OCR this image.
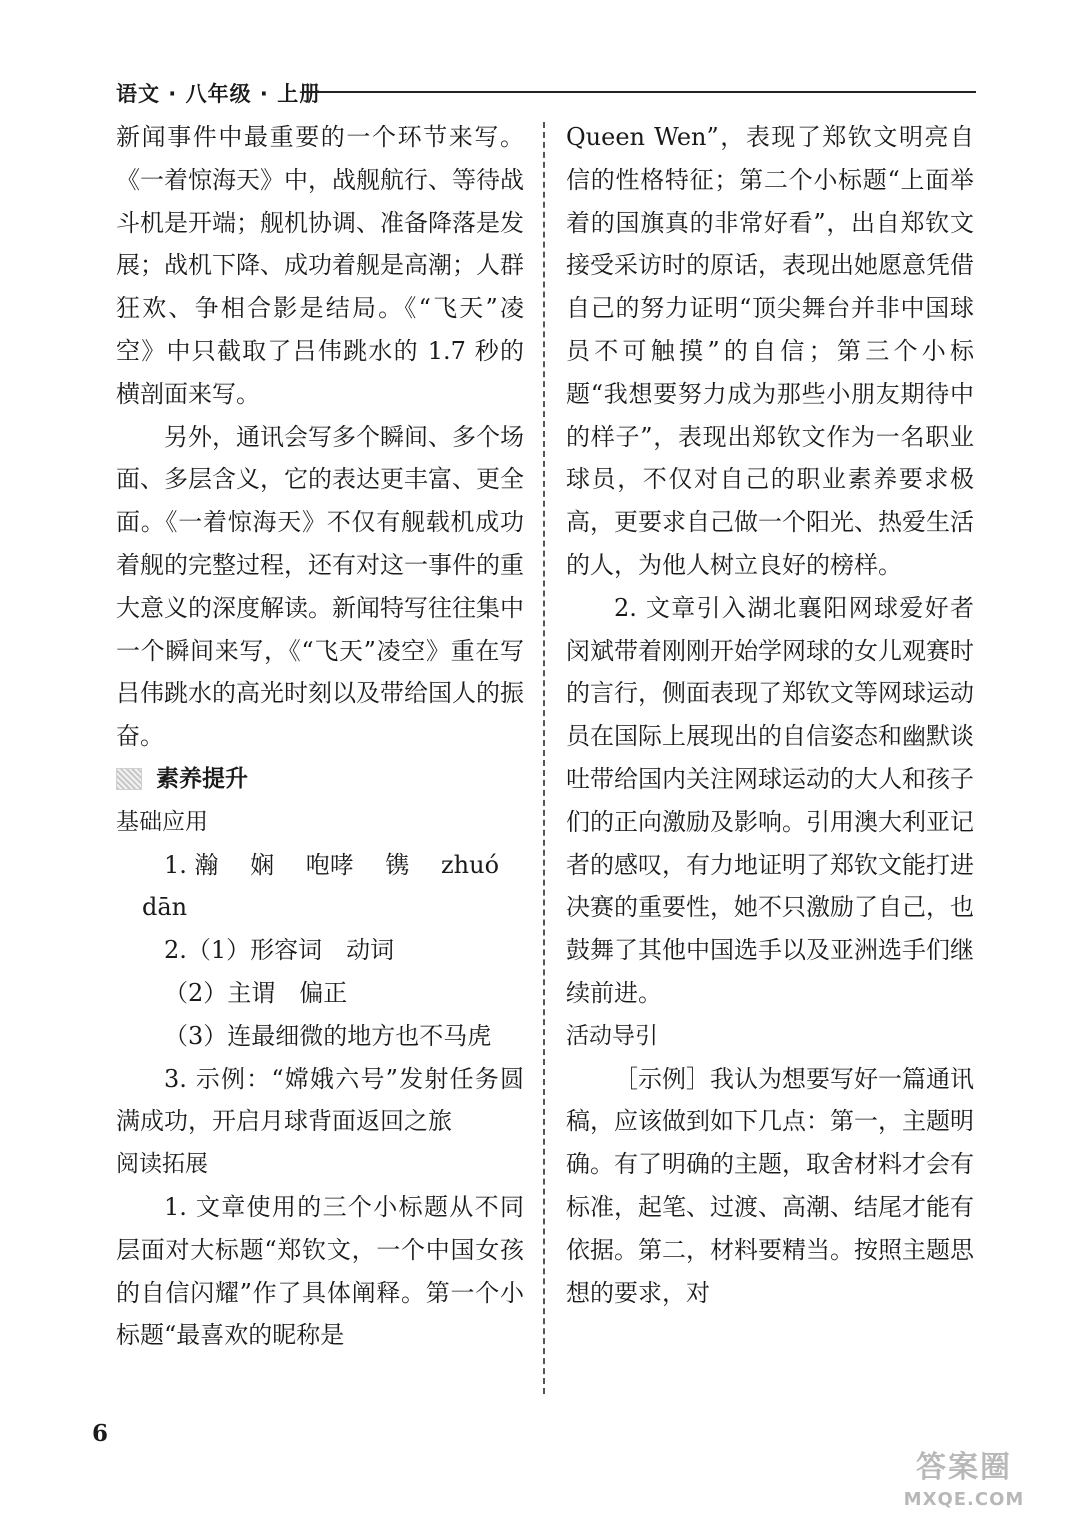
语文 · 八年级 · 上册

新闻事件中最重要的一个环节来写。《一着惊海天》中，战舰航行、等待战斗机是开端；舰机协调、准备降落是发展；战机下降、成功着舰是高潮；人群狂欢、争相合影是结局。《“飞天”凌空》中只截取了吕伟跳水的 1.7 秒的横剖面来写。

另外，通讯会写多个瞬间、多个场面、多层含义，它的表达更丰富、更全面。《一着惊海天》不仅有舰载机成功着舰的完整过程，还有对这一事件的重大意义的深度解读。新闻特写往往集中一个瞬间来写，《“飞天”凌空》重在写吕伟跳水的高光时刻以及带给国人的振奋。

素养提升

基础应用

1. 瀚　 娴　 咆哮　 镌　 zhuó

dān

2.（1）形容词　动词

（2）主谓　偏正

（3）连最细微的地方也不马虎

3. 示例：“嫦娥六号”发射任务圆满成功，开启月球背面返回之旅

阅读拓展

1. 文章使用的三个小标题从不同层面对大标题“郑钦文，一个中国女孩的自信闪耀”作了具体阐释。第一个小标题“最喜欢的昵称是

Queen Wen”，表现了郑钦文明亮自信的性格特征；第二个小标题“上面举着的国旗真的非常好看”，出自郑钦文接受采访时的原话，表现出她愿意凭借自己的努力证明“顶尖舞台并非中国球员不可触摸”的自信；第三个小标题“我想要努力成为那些小朋友期待中的样子”，表现出郑钦文作为一名职业球员，不仅对自己的职业素养要求极高，更要求自己做一个阳光、热爱生活的人，为他人树立良好的榜样。

2. 文章引入湖北襄阳网球爱好者闵斌带着刚刚开始学网球的女儿观赛时的言行，侧面表现了郑钦文等网球运动员在国际上展现出的自信姿态和幽默谈吐带给国内关注网球运动的大人和孩子们的正向激励及影响。引用澳大利亚记者的感叹，有力地证明了郑钦文能打进决赛的重要性，她不只激励了自己，也鼓舞了其他中国选手以及亚洲选手们继续前进。

活动导引

［示例］我认为想要写好一篇通讯稿，应该做到如下几点：第一，主题明确。有了明确的主题，取舍材料才会有标准，起笔、过渡、高潮、结尾才能有依据。第二，材料要精当。按照主题思想的要求，对

6
答案圈
MXQE.COM
